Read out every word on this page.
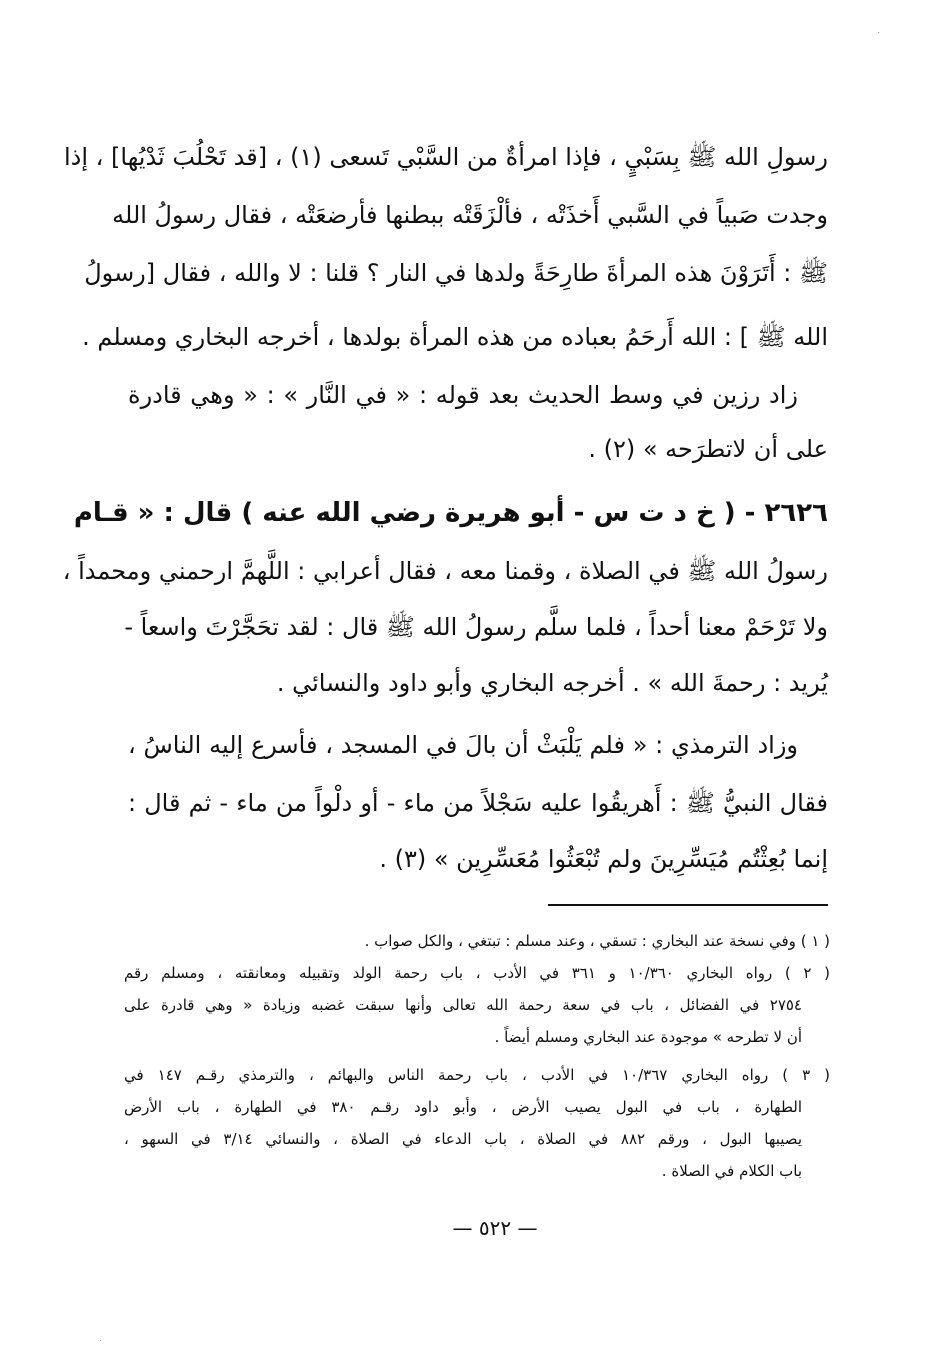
رسولِ الله ﷺ بِسَبْيٍ ، فإذا امرأةٌ من السَّبْي تَسعى (١) ، [قد تَحْلُبَ ثَدْيُها] ، إذا
وجدت صَبياً في السَّبي أَخذَتْه ، فألْزَقَتْه ببطنها فأرضعَتْه ، فقال رسولُ الله
ﷺ : أَتَرَوْنَ هذه المرأةَ طارِحَةً ولدها في النار ؟ قلنا : لا والله ، فقال [رسولُ
الله ﷺ ] : الله أَرحَمُ بعباده من هذه المرأة بولدها ، أخرجه البخاري ومسلم .
زاد رزين في وسط الحديث بعد قوله : « في النَّار » : « وهي قادرة
على أن لاتطرَحه » (٢) .
٢٦٢٦ - ( خ د ت س - أبو هريرة رضي الله عنه ) قال : « قـام
رسولُ الله ﷺ في الصلاة ، وقمنا معه ، فقال أعرابي : اللَّهمَّ ارحمني ومحمداً ،
ولا تَرْحَمْ معنا أحداً ، فلما سلَّم رسولُ الله ﷺ قال : لقد تحَجَّرْتَ واسعاً -
يُريد : رحمةَ الله » . أخرجه البخاري وأبو داود والنسائي .
وزاد الترمذي : « فلم يَلْبَثْ أن بالَ في المسجد ، فأسرع إليه الناسُ ،
فقال النبيُّ ﷺ : أَهريقُوا عليه سَجْلاً من ماء - أو دلْواً من ماء - ثم قال :
إنما بُعِثْتُم مُيَسِّرِينَ ولم تُبْعَثُوا مُعَسِّرِين » (٣) .
( ١ ) وفي نسخة عند البخاري : تسقي ، وعند مسلم : تبتغي ، والكل صواب .
( ٢ ) رواه البخاري ١٠/٣٦٠ و ٣٦١ في الأدب ، باب رحمة الولد وتقبيله ومعانقته ، ومسلم رقم
٢٧٥٤ في الفضائل ، باب في سعة رحمة الله تعالى وأنها سبقت غضبه وزيادة « وهي قادرة على
أن لا تطرحه » موجودة عند البخاري ومسلم أيضاً .
( ٣ ) رواه البخاري ١٠/٣٦٧ في الأدب ، باب رحمة الناس والبهائم ، والترمذي رقـم ١٤٧ في
الطهارة ، باب في البول يصيب الأرض ، وأبو داود رقـم ٣٨٠ في الطهارة ، باب الأرض
يصيبها البول ، ورقم ٨٨٢ في الصلاة ، باب الدعاء في الصلاة ، والنسائي ٣/١٤ في السهو ،
باب الكلام في الصلاة .
— ٥٢٢ —
